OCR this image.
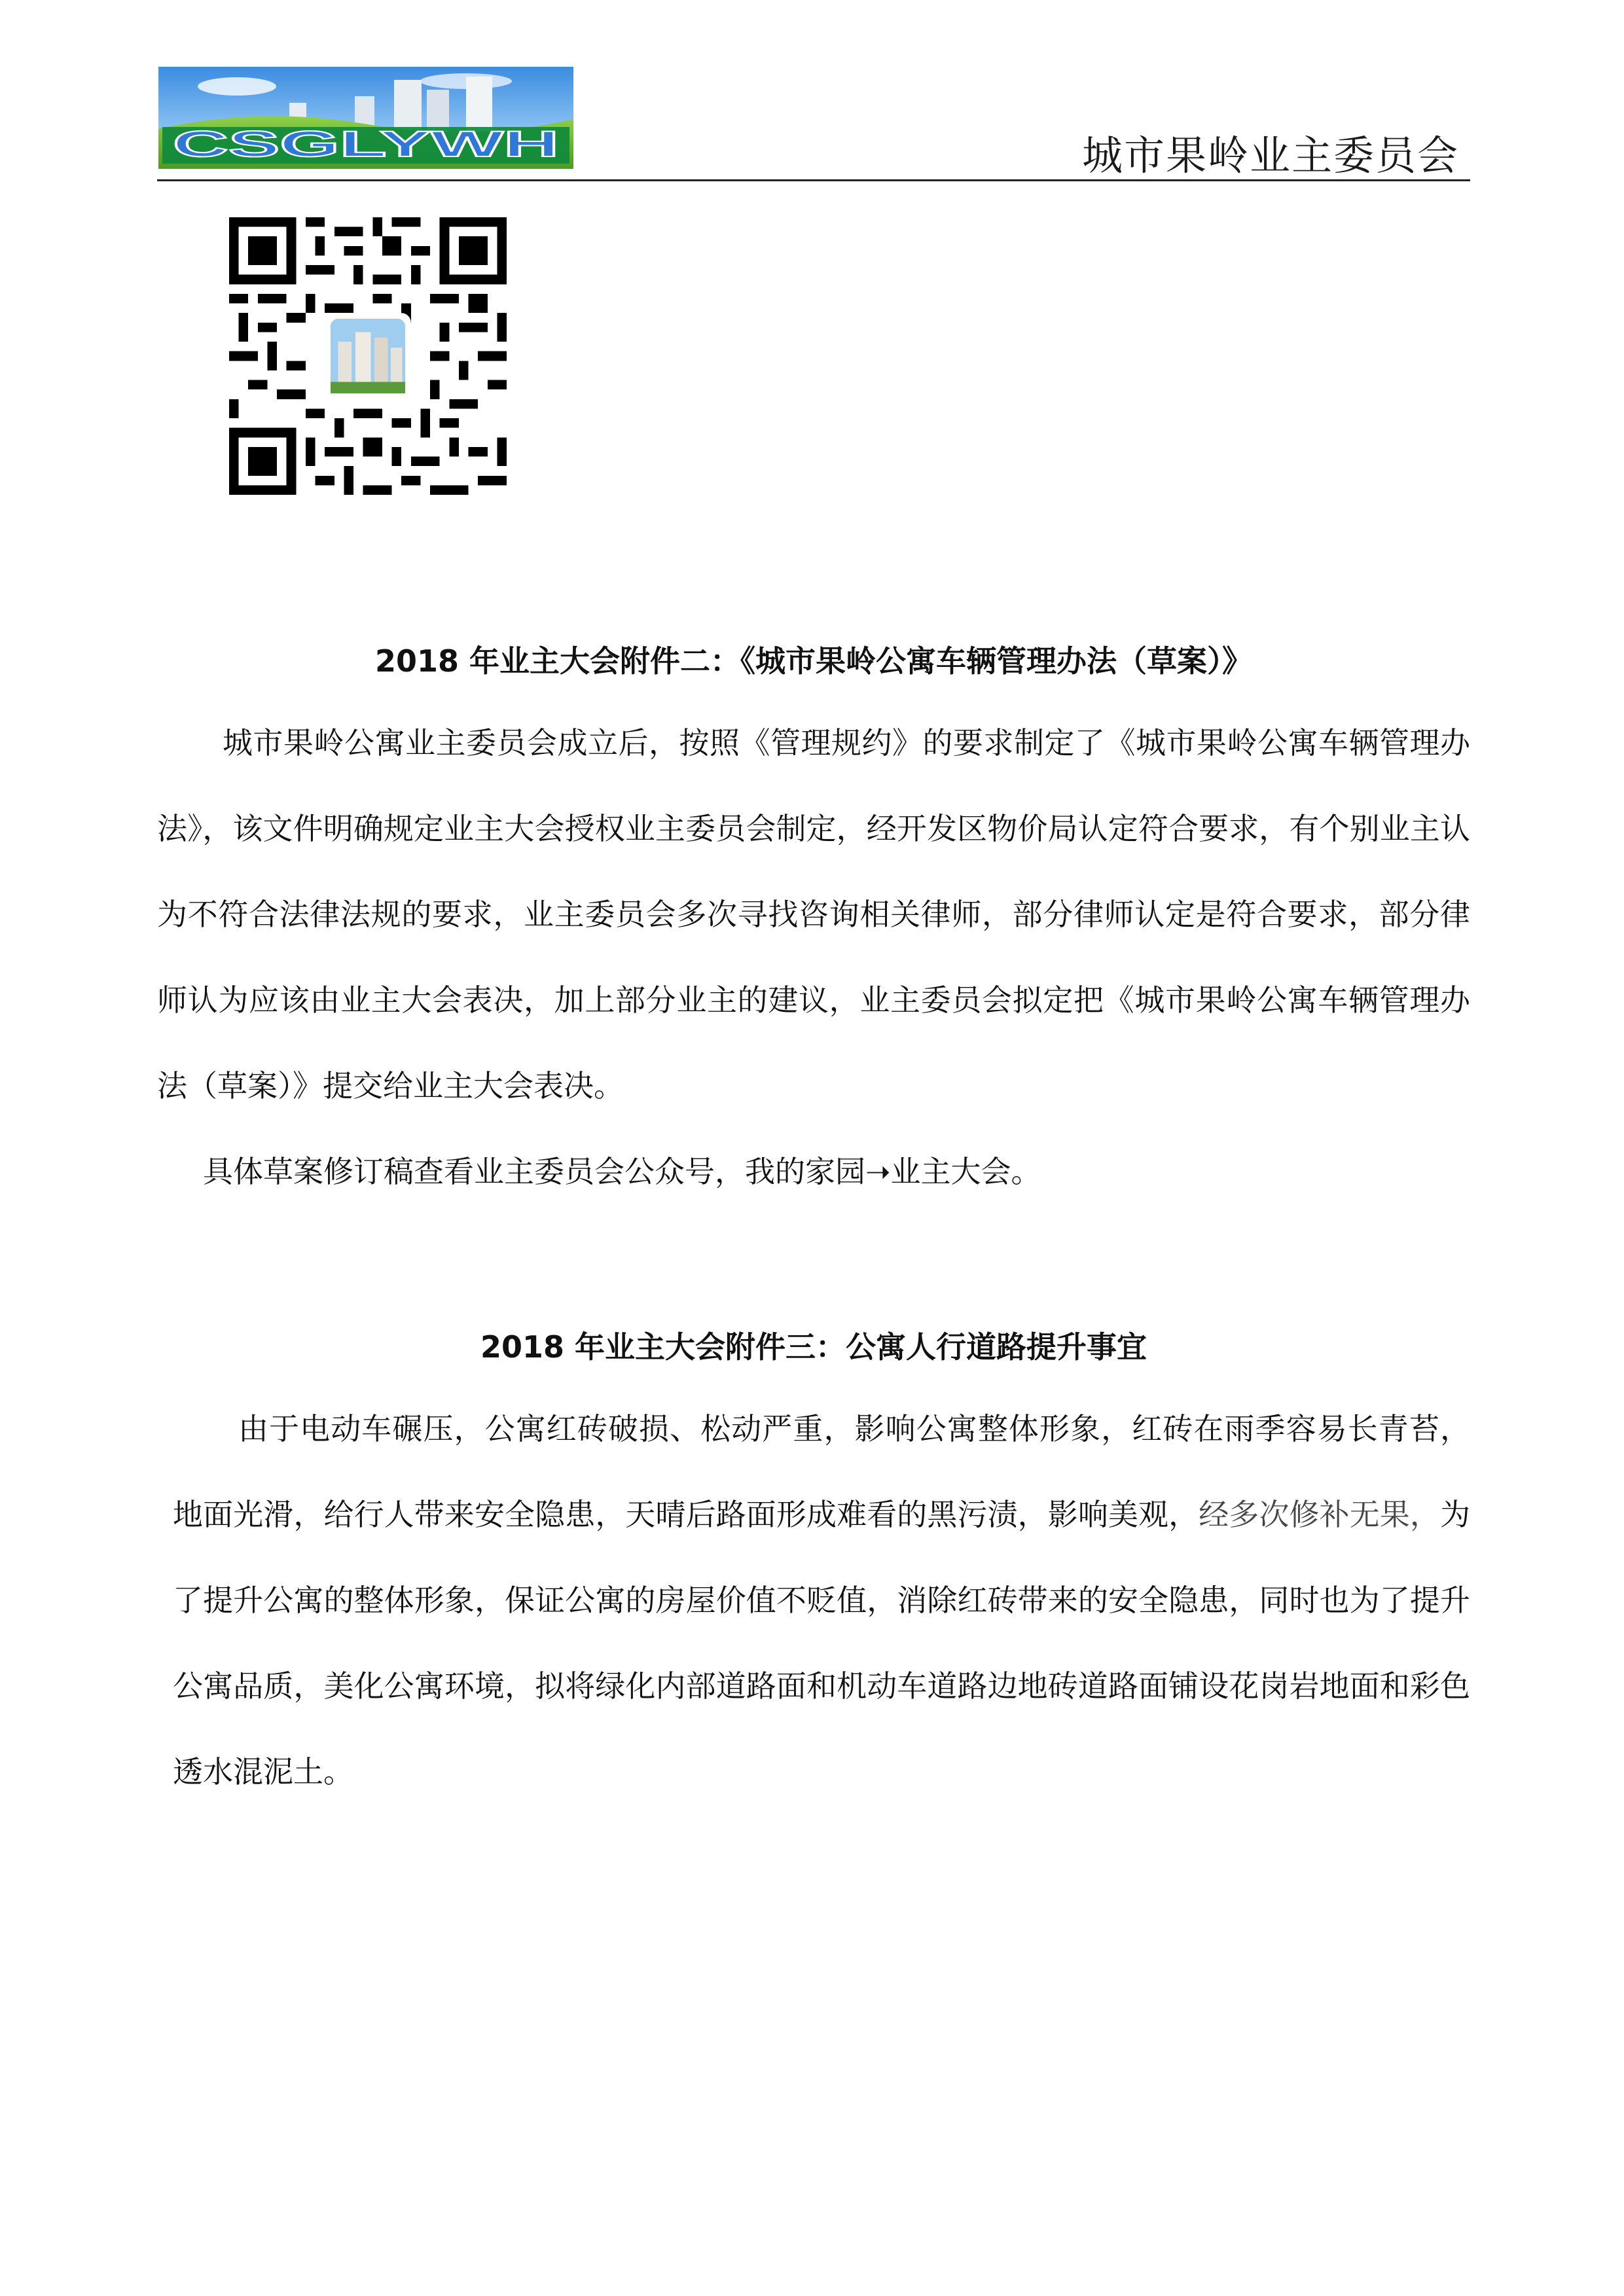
CSGLYWH	城市果岭业主委员会
2018 年业主大会附件二：《城市果岭公寓车辆管理办法（草案）》
城市果岭公寓业主委员会成立后，按照《管理规约》的要求制定了《城市果岭公寓车辆管理办法》，该文件明确规定业主大会授权业主委员会制定，经开发区物价局认定符合要求，有个别业主认为不符合法律法规的要求，业主委员会多次寻找咨询相关律师，部分律师认定是符合要求，部分律师认为应该由业主大会表决，加上部分业主的建议，业主委员会拟定把《城市果岭公寓车辆管理办法（草案）》提交给业主大会表决。
具体草案修订稿查看业主委员会公众号，我的家园➝业主大会。
2018 年业主大会附件三：公寓人行道路提升事宜
由于电动车碾压，公寓红砖破损、松动严重，影响公寓整体形象，红砖在雨季容易长青苔，地面光滑，给行人带来安全隐患，天晴后路面形成难看的黑污渍，影响美观，经多次修补无果，为了提升公寓的整体形象，保证公寓的房屋价值不贬值，消除红砖带来的安全隐患，同时也为了提升公寓品质，美化公寓环境，拟将绿化内部道路面和机动车道路边地砖道路面铺设花岗岩地面和彩色透水混泥土。
